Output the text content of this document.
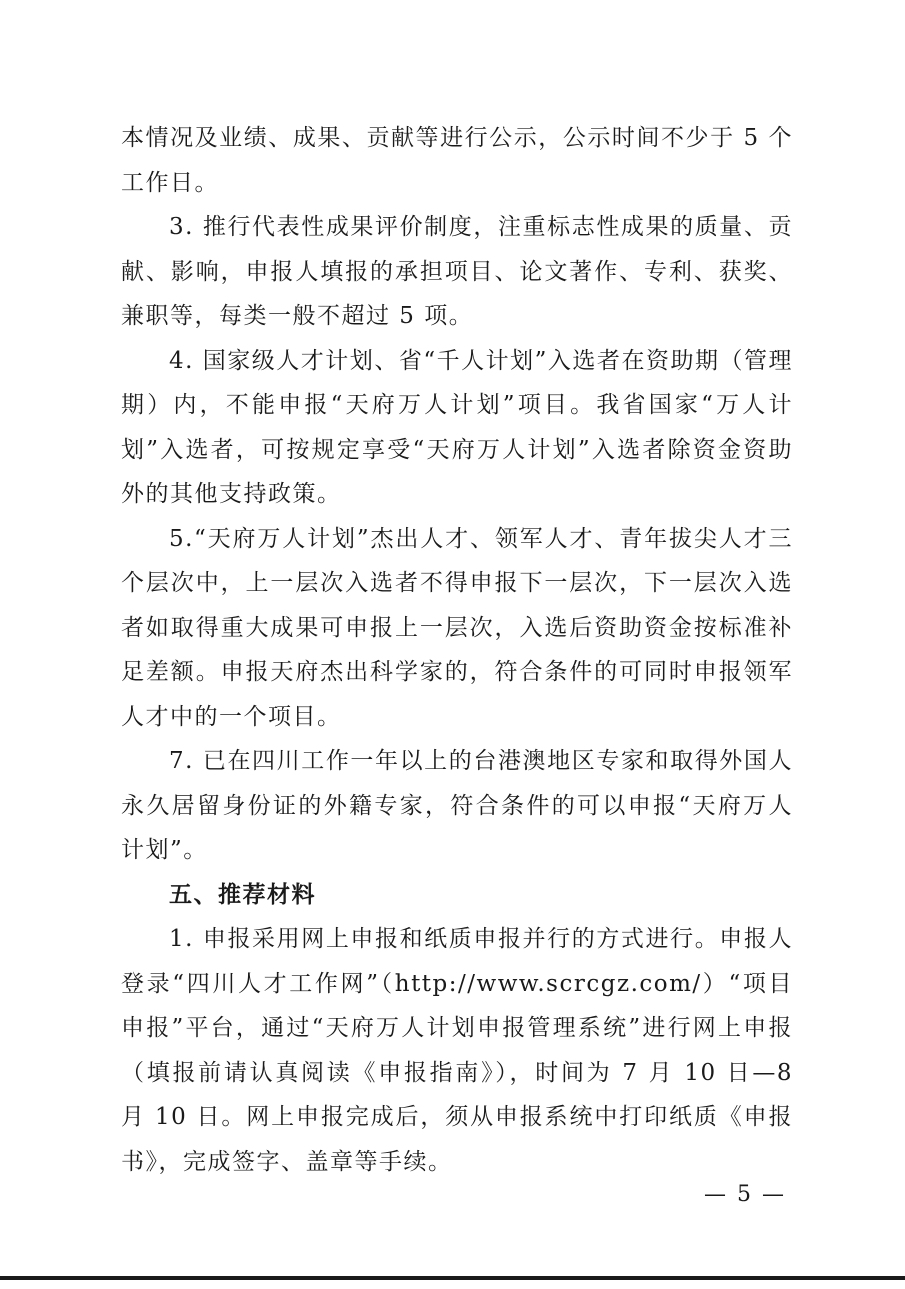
本情况及业绩、成果、贡献等进行公示，公示时间不少于 5 个工作日。

3. 推行代表性成果评价制度，注重标志性成果的质量、贡献、影响，申报人填报的承担项目、论文著作、专利、获奖、兼职等，每类一般不超过 5 项。

4. 国家级人才计划、省“千人计划”入选者在资助期（管理期）内，不能申报“天府万人计划”项目。我省国家“万人计划”入选者，可按规定享受“天府万人计划”入选者除资金资助外的其他支持政策。

5.“天府万人计划”杰出人才、领军人才、青年拔尖人才三个层次中，上一层次入选者不得申报下一层次，下一层次入选者如取得重大成果可申报上一层次，入选后资助资金按标准补足差额。申报天府杰出科学家的，符合条件的可同时申报领军人才中的一个项目。

7. 已在四川工作一年以上的台港澳地区专家和取得外国人永久居留身份证的外籍专家，符合条件的可以申报“天府万人计划”。

五、推荐材料

1. 申报采用网上申报和纸质申报并行的方式进行。申报人登录“四川人才工作网”（http://www.scrcgz.com/）“项目申报”平台，通过“天府万人计划申报管理系统”进行网上申报（填报前请认真阅读《申报指南》），时间为 7 月 10 日—8 月 10 日。网上申报完成后，须从申报系统中打印纸质《申报书》，完成签字、盖章等手续。

— 5 —
